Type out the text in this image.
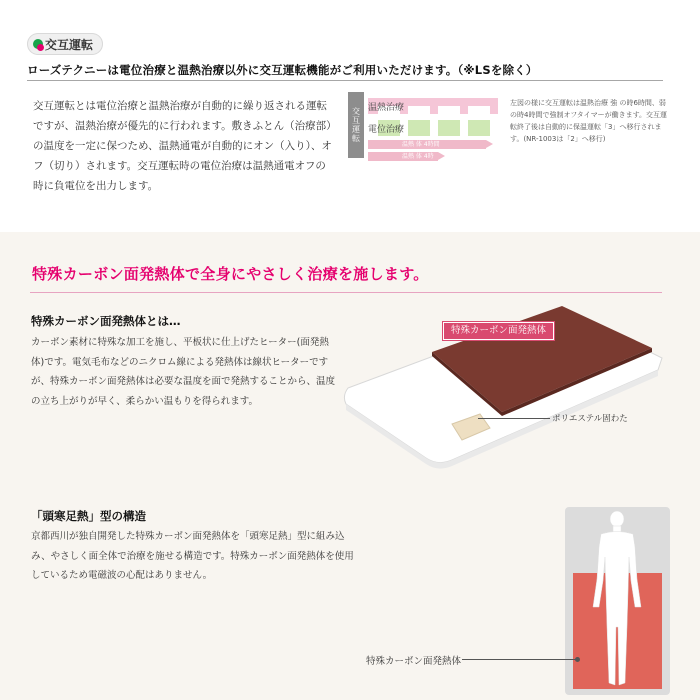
交互運転
ローズテクニーは電位治療と温熱治療以外に交互運転機能がご利用いただけます。（※LSを除く）

交互運転とは電位治療と温熱治療が自動的に繰り返される運転ですが、温熱治療が優先的に行われます。敷きふとん（治療部）の温度を一定に保つため、温熱通電が自動的にオン（入り）、オフ（切り）されます。交互運転時の電位治療は温熱通電オフの時に負電位を出力します。

交互運転 温熱治療
電位治療
温熱 体 4時間
温熱 体 4時間

左図の様に交互運転は温熱治療 強 の時6時間、弱 の時4時間で強制オフタイマーが働きます。交互運転終了後は自動的に保温運転「3」へ移行されます。(NR-1003は「2」へ移行)

特殊カーボン面発熱体で全身にやさしく治療を施します。
特殊カーボン面発熱体とは…

カーボン素材に特殊な加工を施し、平板状に仕上げたヒーター(面発熱体)です。電気毛布などのニクロム線による発熱体は線状ヒーターですが、特殊カーボン面発熱体は必要な温度を面で発熱することから、温度の立ち上がりが早く、柔らかい温もりを得られます。

特殊カーボン面発熱体
ポリエステル固わた
「頭寒足熱」型の構造

京都西川が独自開発した特殊カーボン面発熱体を「頭寒足熱」型に組み込み、やさしく面全体で治療を施せる構造です。特殊カーボン面発熱体を使用しているため電磁波の心配はありません。

特殊カーボン面発熱体
